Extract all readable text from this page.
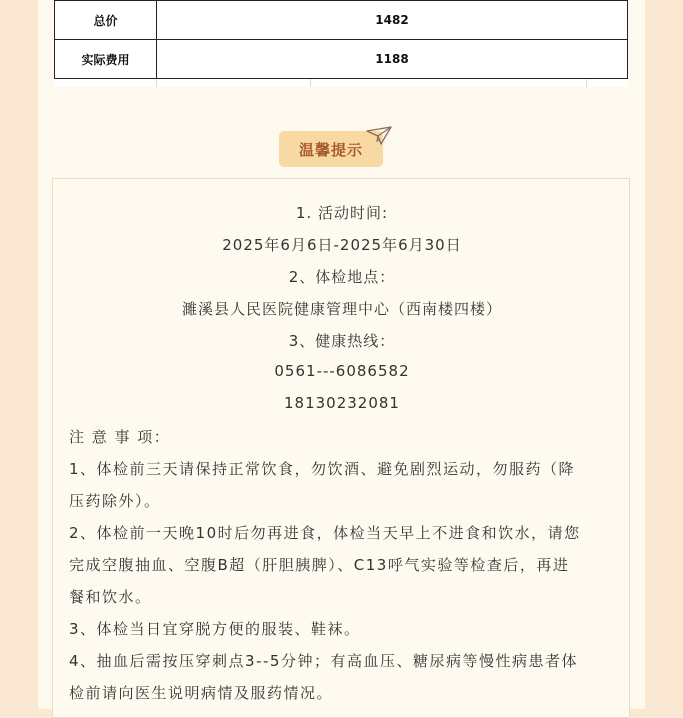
总价	1482
实际费用	1188
温馨提示
1. 活动时间:
2025年6月6日-2025年6月30日
2、体检地点：
濉溪县人民医院健康管理中心（西南楼四楼）
3、健康热线：
0561---6086582
18130232081
注 意 事 项：
1、体检前三天请保持正常饮食，勿饮酒、避免剧烈运动，勿服药（降
压药除外）。
2、体检前一天晚10时后勿再进食，体检当天早上不进食和饮水，请您
完成空腹抽血、空腹B超（肝胆胰脾）、C13呼气实验等检查后，再进
餐和饮水。
3、体检当日宜穿脱方便的服装、鞋袜。
4、抽血后需按压穿刺点3--5分钟；有高血压、糖尿病等慢性病患者体
检前请向医生说明病情及服药情况。
